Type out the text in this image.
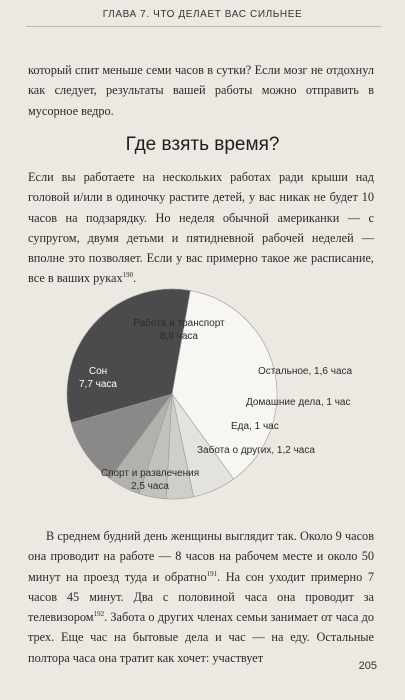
ГЛАВА 7. ЧТО ДЕЛАЕТ ВАС СИЛЬНЕЕ

который спит меньше семи часов в сутки? Если мозг не отдохнул как следует, результаты вашей работы можно отправить в мусорное ведро.

Где взять время?

Если вы работаете на нескольких работах ради крыши над головой и/или в одиночку растите детей, у вас никак не будет 10 часов на подзарядку. Но неделя обычной американки — с супругом, двумя детьми и пятидневной рабочей неделей — вполне это позволяет. Если у вас примерно такое же расписание, все в ваших руках$^{190}$.

Работа и транспорт
8,9 часа
Сон
7,7 часа
Остальное, 1,6 часа
Домашние дела, 1 час
Еда, 1 час
Забота о других, 1,2 часа
Спорт и развлечения
2,5 часа

В среднем будний день женщины выглядит так. Около 9 часов она проводит на работе — 8 часов на рабочем месте и около 50 минут на проезд туда и обратно$^{191}$. На сон уходит примерно 7 часов 45 минут. Два с половиной часа она проводит за телевизором$^{192}$. Забота о других членах семьи занимает от часа до трех. Еще час на бытовые дела и час — на еду. Остальные полтора часа она тратит как хочет: участвует

205
